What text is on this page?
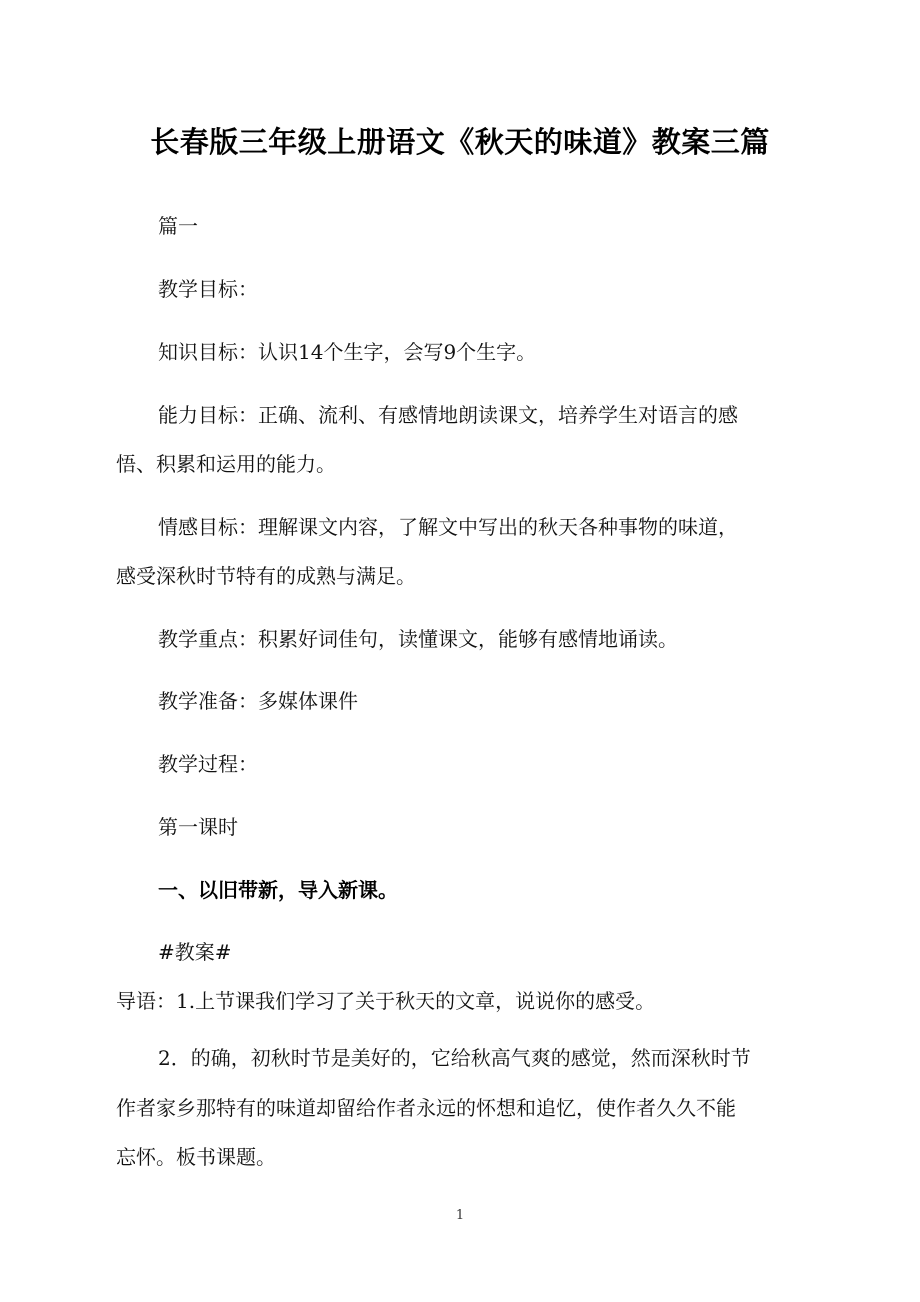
长春版三年级上册语文《秋天的味道》教案三篇
篇一
教学目标：
知识目标：认识14个生字，会写9个生字。
能力目标：正确、流利、有感情地朗读课文，培养学生对语言的感
悟、积累和运用的能力。
情感目标：理解课文内容，了解文中写出的秋天各种事物的味道，
感受深秋时节特有的成熟与满足。
教学重点：积累好词佳句，读懂课文，能够有感情地诵读。
教学准备：多媒体课件
教学过程：
第一课时
一、以旧带新，导入新课。
#教案#
导语：1.上节课我们学习了关于秋天的文章，说说你的感受。
2．的确，初秋时节是美好的，它给秋高气爽的感觉，然而深秋时节
作者家乡那特有的味道却留给作者永远的怀想和追忆，使作者久久不能
忘怀。板书课题。
1
